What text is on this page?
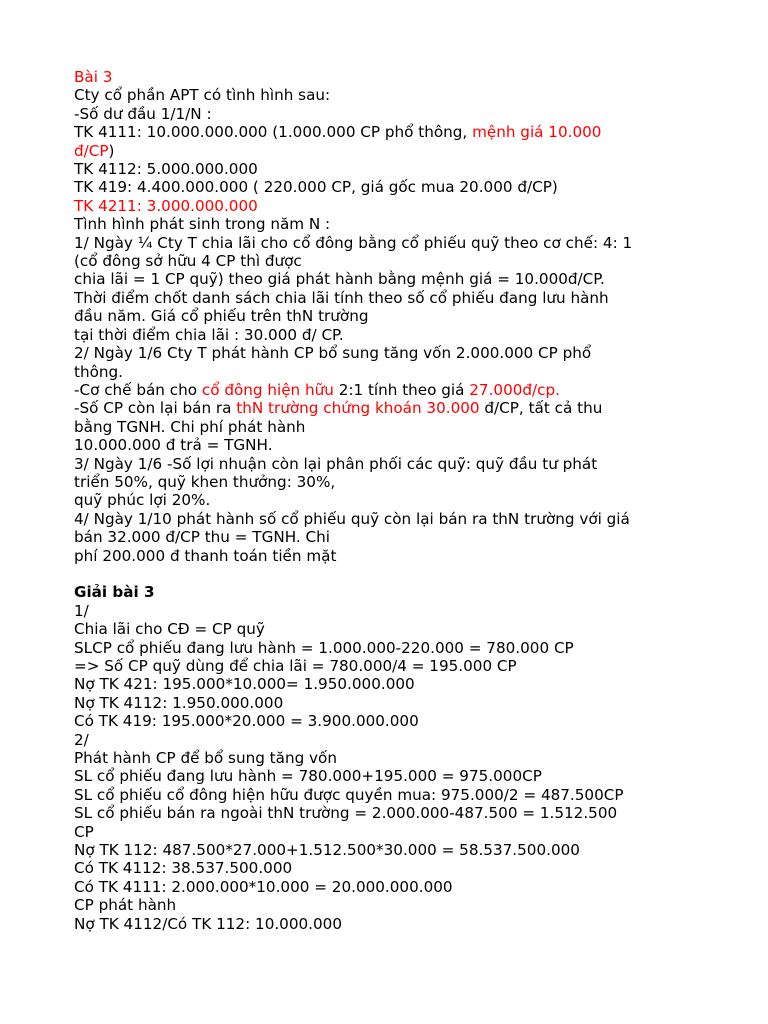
Bài 3
Cty cổ phần APT có tình hình sau:
-Số dư đầu 1/1/N :
TK 4111: 10.000.000.000 (1.000.000 CP phổ thông, mệnh giá 10.000
đ/CP)
TK 4112: 5.000.000.000
TK 419: 4.400.000.000 ( 220.000 CP, giá gốc mua 20.000 đ/CP)
TK 4211: 3.000.000.000
Tình hình phát sinh trong năm N :
1/ Ngày ¼ Cty T chia lãi cho cổ đông bằng cổ phiếu quỹ theo cơ chế: 4: 1
(cổ đông sở hữu 4 CP thì được
chia lãi = 1 CP quỹ) theo giá phát hành bằng mệnh giá = 10.000đ/CP.
Thời điểm chốt danh sách chia lãi tính theo số cổ phiếu đang lưu hành
đầu năm. Giá cổ phiếu trên thN trường
tại thời điểm chia lãi : 30.000 đ/ CP.
2/ Ngày 1/6 Cty T phát hành CP bổ sung tăng vốn 2.000.000 CP phổ
thông.
-Cơ chế bán cho cổ đông hiện hữu 2:1 tính theo giá 27.000đ/cp.
-Số CP còn lại bán ra thN trường chứng khoán 30.000 đ/CP, tất cả thu
bằng TGNH. Chi phí phát hành
10.000.000 đ trả = TGNH.
3/ Ngày 1/6 -Số lợi nhuận còn lại phân phối các quỹ: quỹ đầu tư phát
triển 50%, quỹ khen thưởng: 30%,
quỹ phúc lợi 20%.
4/ Ngày 1/10 phát hành số cổ phiếu quỹ còn lại bán ra thN trường với giá
bán 32.000 đ/CP thu = TGNH. Chi
phí 200.000 đ thanh toán tiền mặt
Giải bài 3
1/
Chia lãi cho CĐ = CP quỹ
SLCP cổ phiếu đang lưu hành = 1.000.000-220.000 = 780.000 CP
=> Số CP quỹ dùng để chia lãi = 780.000/4 = 195.000 CP
Nợ TK 421: 195.000*10.000= 1.950.000.000
Nợ TK 4112: 1.950.000.000
Có TK 419: 195.000*20.000 = 3.900.000.000
2/
Phát hành CP để bổ sung tăng vốn
SL cổ phiếu đang lưu hành = 780.000+195.000 = 975.000CP
SL cổ phiếu cổ đông hiện hữu được quyền mua: 975.000/2 = 487.500CP
SL cổ phiếu bán ra ngoài thN trường = 2.000.000-487.500 = 1.512.500
CP
Nợ TK 112: 487.500*27.000+1.512.500*30.000 = 58.537.500.000
Có TK 4112: 38.537.500.000
Có TK 4111: 2.000.000*10.000 = 20.000.000.000
CP phát hành
Nợ TK 4112/Có TK 112: 10.000.000
